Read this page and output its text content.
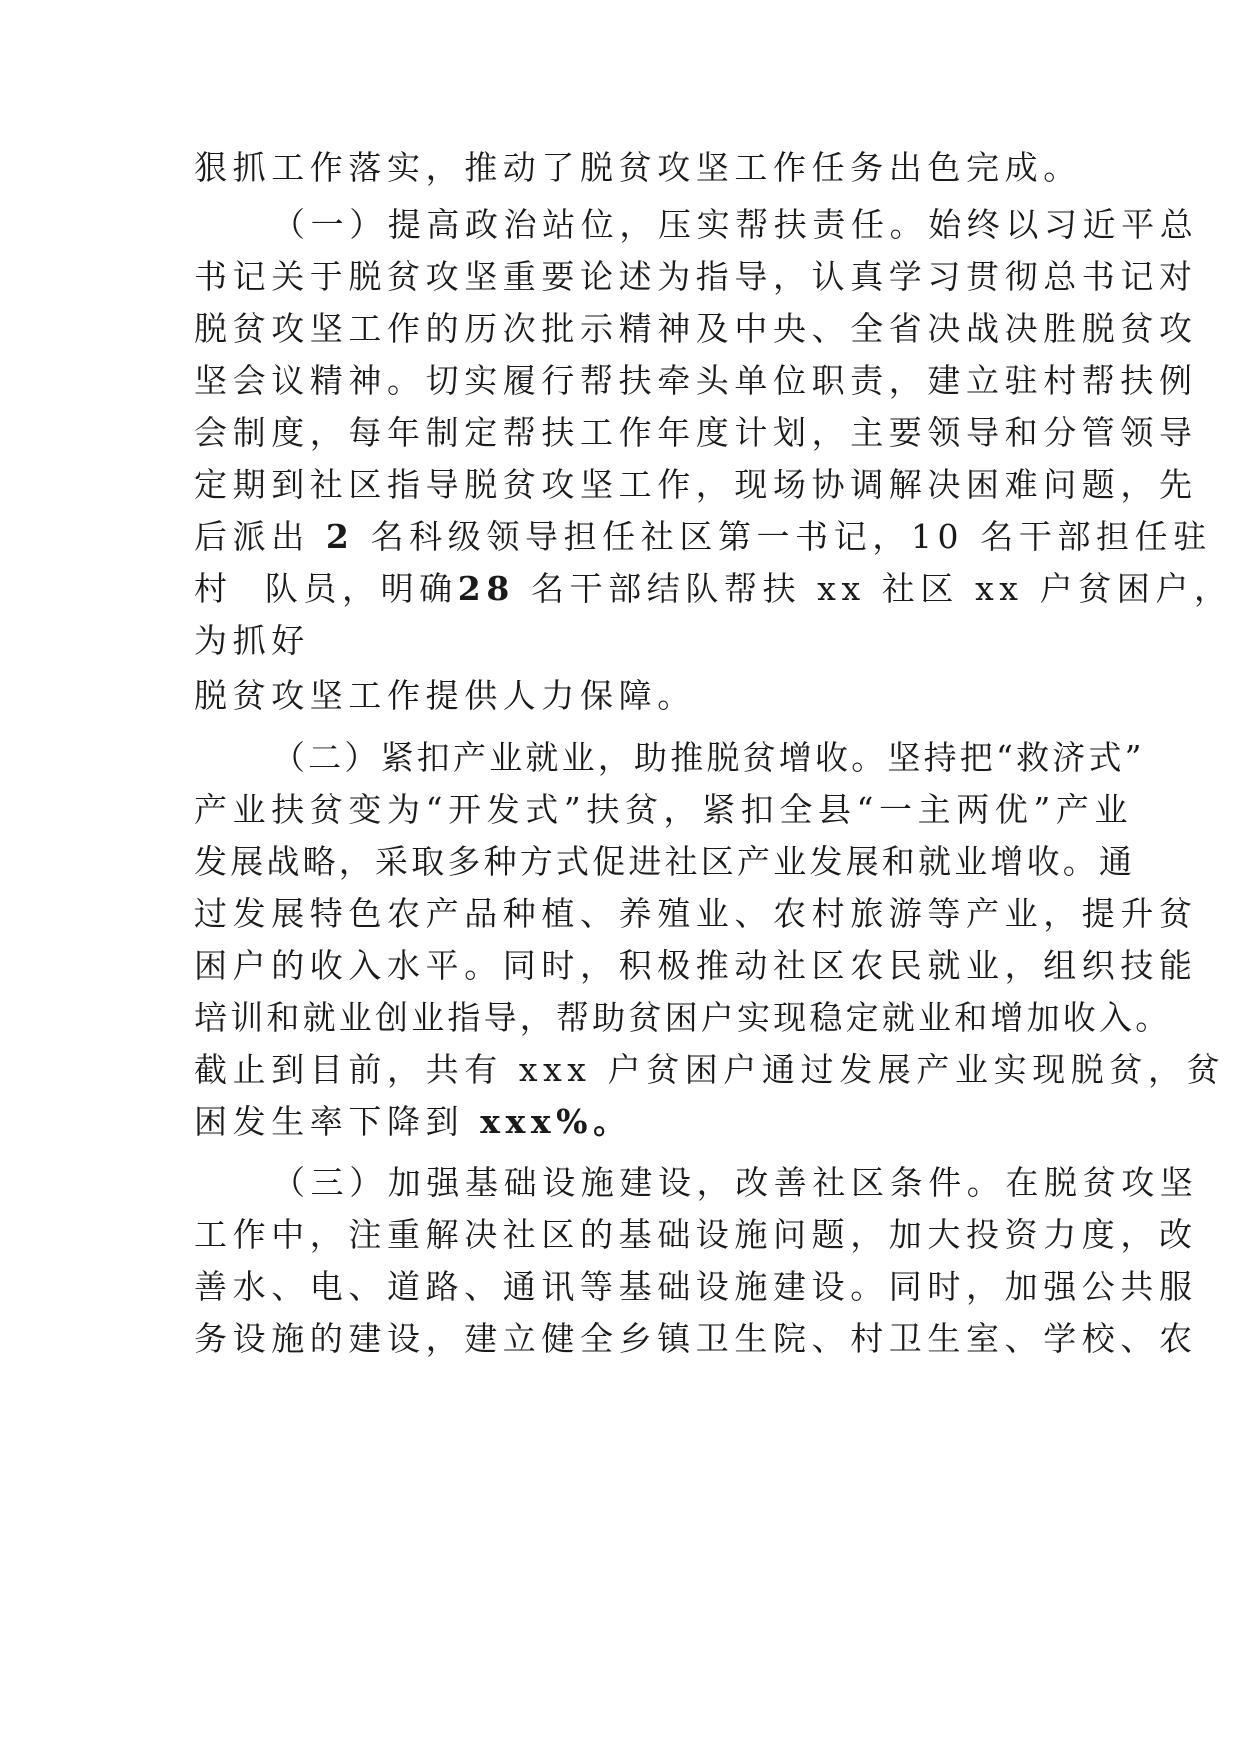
狠抓工作落实，推动了脱贫攻坚工作任务出色完成。
（一）提高政治站位，压实帮扶责任。始终以习近平总
书记关于脱贫攻坚重要论述为指导，认真学习贯彻总书记对
脱贫攻坚工作的历次批示精神及中央、全省决战决胜脱贫攻
坚会议精神。切实履行帮扶牵头单位职责，建立驻村帮扶例
会制度，每年制定帮扶工作年度计划，主要领导和分管领导
定期到社区指导脱贫攻坚工作，现场协调解决困难问题，先
后派出 2 名科级领导担任社区第一书记，10 名干部担任驻
村  队员，明确28 名干部结队帮扶 xx 社区 xx 户贫困户，
为抓好
脱贫攻坚工作提供人力保障。
（二）紧扣产业就业，助推脱贫增收。坚持把“救济式”
产业扶贫变为“开发式”扶贫，紧扣全县“一主两优”产业
发展战略，采取多种方式促进社区产业发展和就业增收。通
过发展特色农产品种植、养殖业、农村旅游等产业，提升贫
困户的收入水平。同时，积极推动社区农民就业，组织技能
培训和就业创业指导，帮助贫困户实现稳定就业和增加收入。
截止到目前，共有 xxx 户贫困户通过发展产业实现脱贫，贫
困发生率下降到 xxx%。
（三）加强基础设施建设，改善社区条件。在脱贫攻坚
工作中，注重解决社区的基础设施问题，加大投资力度，改
善水、电、道路、通讯等基础设施建设。同时，加强公共服
务设施的建设，建立健全乡镇卫生院、村卫生室、学校、农
